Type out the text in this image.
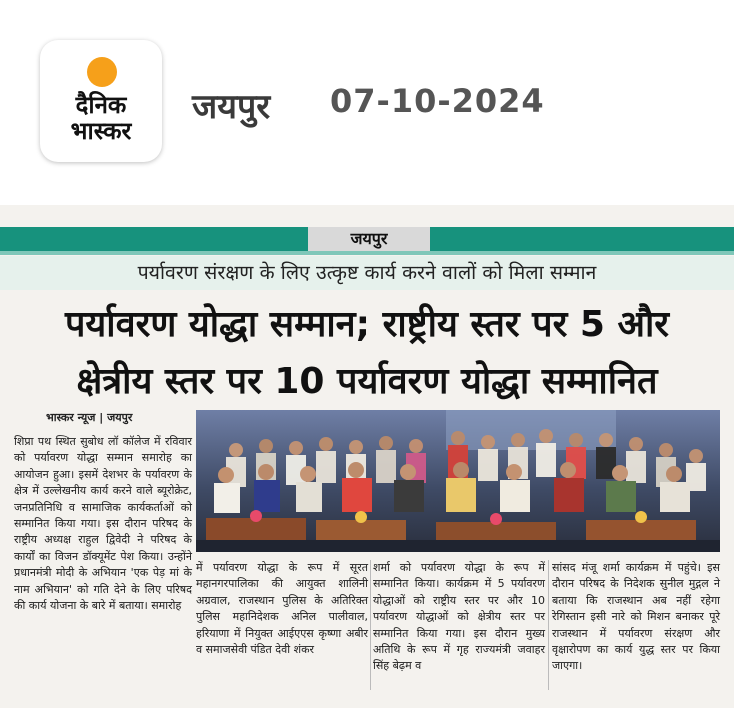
दैनिक
भास्कर
जयपुर 07-10-2024
जयपुर
पर्यावरण संरक्षण के लिए उत्कृष्ट कार्य करने वालों को मिला सम्मान
पर्यावरण योद्धा सम्मान; राष्ट्रीय स्तर पर 5 और
क्षेत्रीय स्तर पर 10 पर्यावरण योद्धा सम्मानित
भास्कर न्यूज | जयपुर
शिप्रा पथ स्थित सुबोध लॉ कॉलेज में रविवार को पर्यावरण योद्धा सम्मान समारोह का आयोजन हुआ। इसमें देशभर के पर्यावरण के क्षेत्र में उल्लेखनीय कार्य करने वाले ब्यूरोक्रेट, जनप्रतिनिधि व सामाजिक कार्यकर्ताओं को सम्मानित किया गया। इस दौरान परिषद के राष्ट्रीय अध्यक्ष राहुल द्विवेदी ने परिषद के कार्यों का विजन डॉक्यूमेंट पेश किया। उन्होंने प्रधानमंत्री मोदी के अभियान 'एक पेड़ मां के नाम अभियान' को गति देने के लिए परिषद की कार्य योजना के बारे में बताया। समारोह
में पर्यावरण योद्धा के रूप में सूरत महानगरपालिका की आयुक्त शालिनी अग्रवाल, राजस्थान पुलिस के अतिरिक्त पुलिस महानिदेशक अनिल पालीवाल, हरियाणा में नियुक्त आईएएस कृष्णा अबीर व समाजसेवी पंडित देवी शंकर
शर्मा को पर्यावरण योद्धा के रूप में सम्मानित किया। कार्यक्रम में 5 पर्यावरण योद्धाओं को राष्ट्रीय स्तर पर और 10 पर्यावरण योद्धाओं को क्षेत्रीय स्तर पर सम्मानित किया गया। इस दौरान मुख्य अतिथि के रूप में गृह राज्यमंत्री जवाहर सिंह बेढ़म व
सांसद मंजू शर्मा कार्यक्रम में पहुंचे। इस दौरान परिषद के निदेशक सुनील मुद्गल ने बताया कि राजस्थान अब नहीं रहेगा रेगिस्तान इसी नारे को मिशन बनाकर पूरे राजस्थान में पर्यावरण संरक्षण और वृक्षारोपण का कार्य युद्ध स्तर पर किया जाएगा।
